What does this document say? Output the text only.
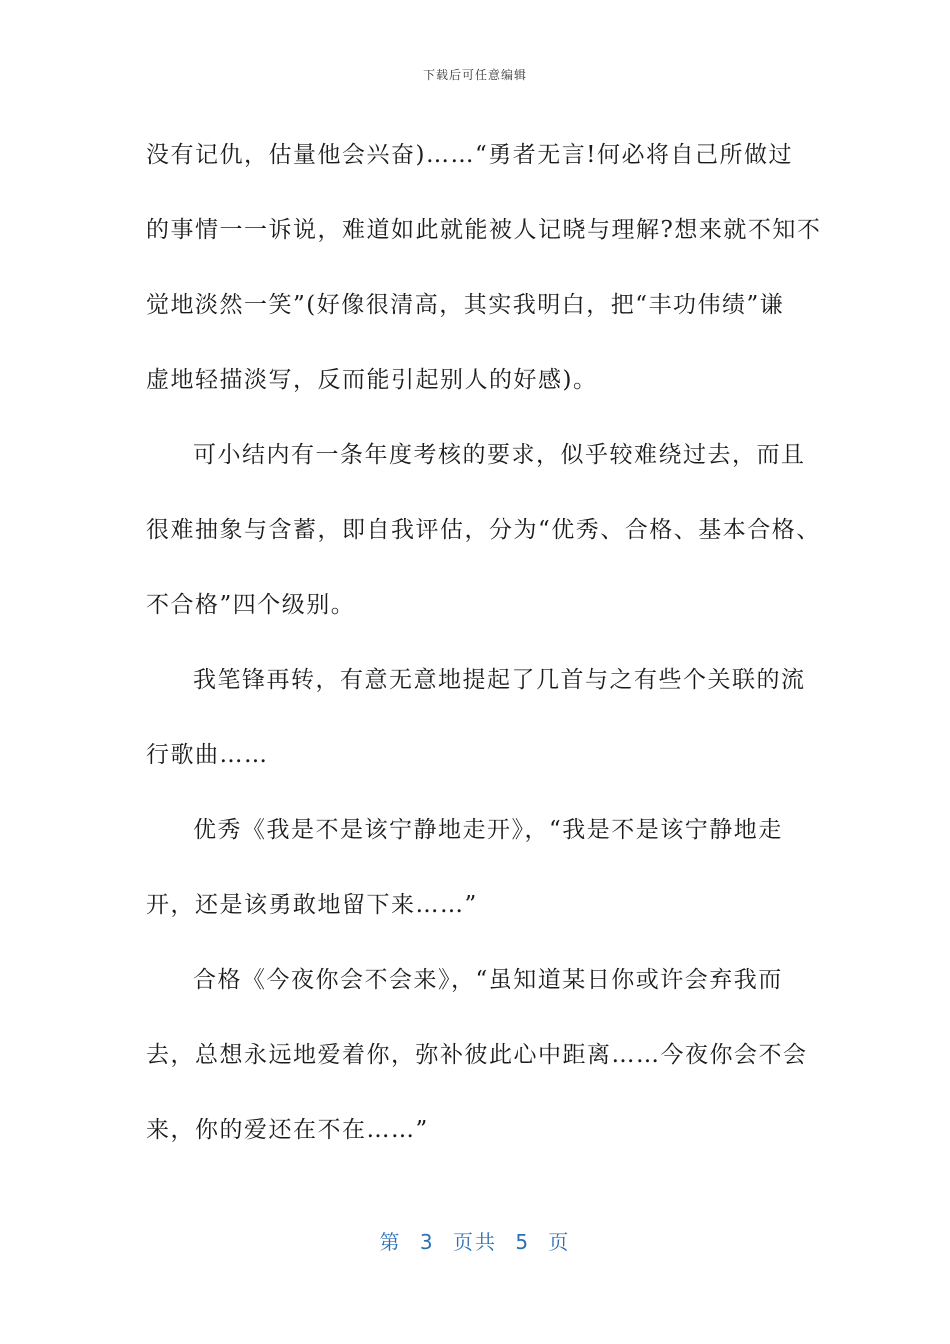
下载后可任意编辑
没有记仇，估量他会兴奋)……“勇者无言!何必将自己所做过
的事情一一诉说，难道如此就能被人记晓与理解?想来就不知不
觉地淡然一笑”(好像很清高，其实我明白，把“丰功伟绩”谦
虚地轻描淡写，反而能引起别人的好感)。
可小结内有一条年度考核的要求，似乎较难绕过去，而且
很难抽象与含蓄，即自我评估，分为“优秀、合格、基本合格、
不合格”四个级别。
我笔锋再转，有意无意地提起了几首与之有些个关联的流
行歌曲……
优秀《我是不是该宁静地走开》，“我是不是该宁静地走
开，还是该勇敢地留下来……”
合格《今夜你会不会来》，“虽知道某日你或许会弃我而
去，总想永远地爱着你，弥补彼此心中距离……今夜你会不会
来，你的爱还在不在……”
第 3 页共 5 页
